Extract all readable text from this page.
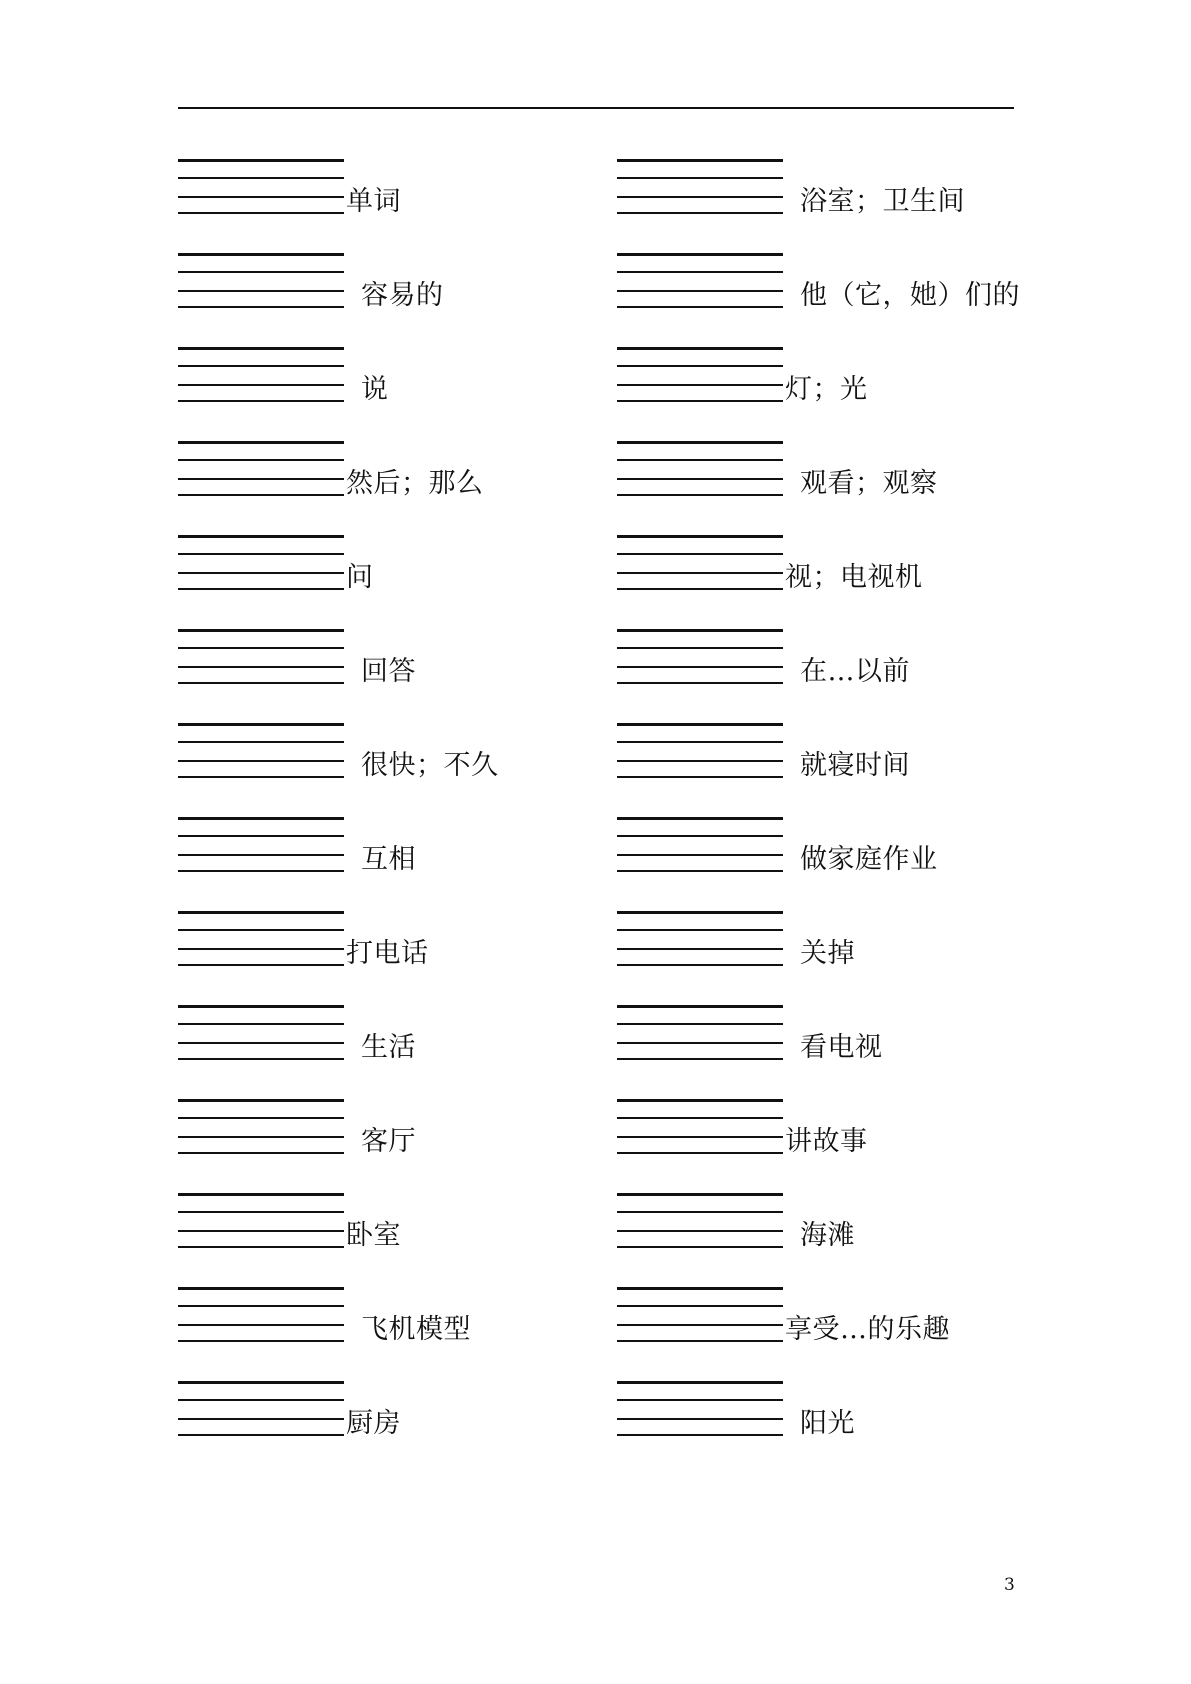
单词
容易的
说
然后；那么
问
回答
很快；不久
互相
打电话
生活
客厅
卧室
飞机模型
厨房
浴室；卫生间
他（它，她）们的
灯；光
观看；观察
视；电视机
在…以前
就寝时间
做家庭作业
关掉
看电视
讲故事
海滩
享受…的乐趣
阳光
3
